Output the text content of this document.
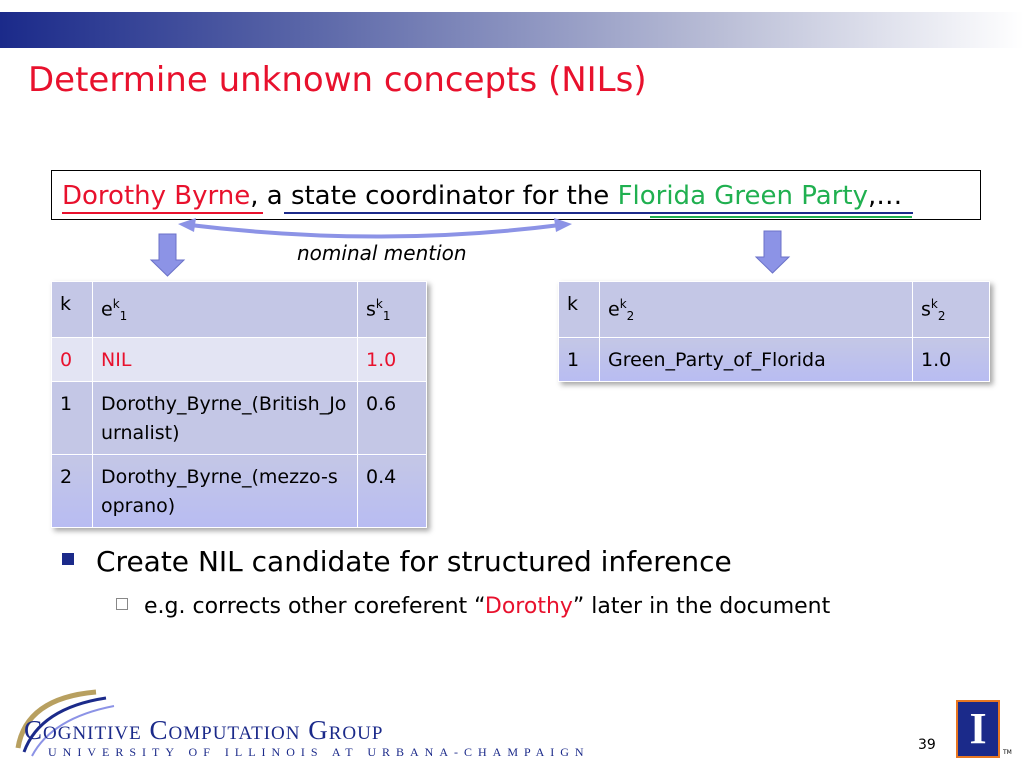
Determine unknown concepts (NILs)
Dorothy Byrne, a state coordinator for the Florida Green Party,…
nominal mention
k	$e^k_1$	$s^k_1$
0	NIL	1.0
1	Dorothy_Byrne_(British_Journalist)	0.6
2	Dorothy_Byrne_(mezzo-soprano)	0.4
k	$e^k_2$	$s^k_2$
1	Green_Party_of_Florida	1.0
Create NIL candidate for structured inference
e.g. corrects other coreferent “Dorothy” later in the document
Cognitive Computation Group
UNIVERSITY OF ILLINOIS AT URBANA-CHAMPAIGN	39 I	TM
